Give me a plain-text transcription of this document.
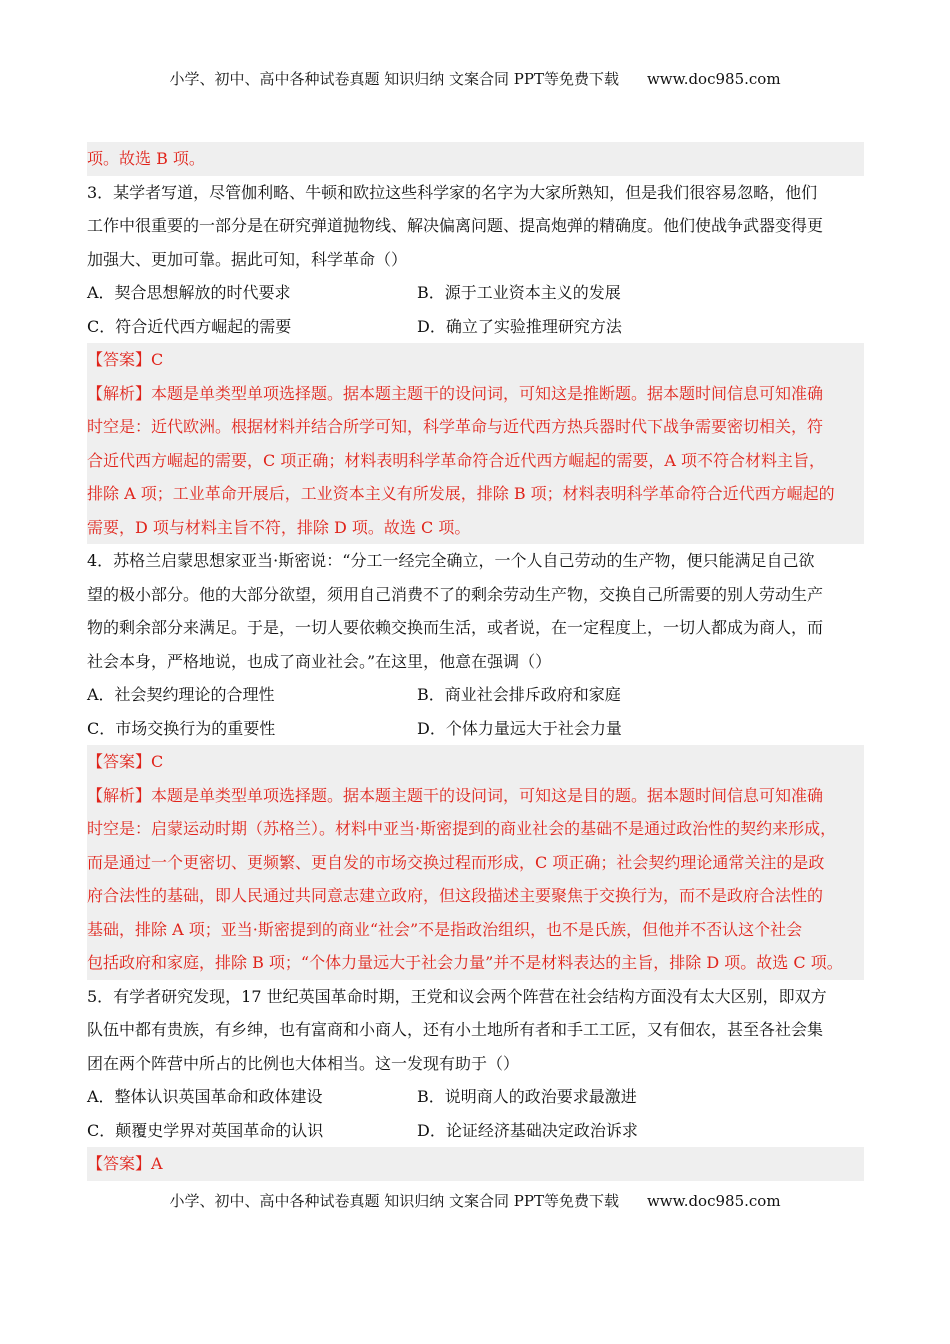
小学、初中、高中各种试卷真题 知识归纳 文案合同 PPT等免费下载 www.doc985.com
项。故选 B 项。
3．某学者写道，尽管伽利略、牛顿和欧拉这些科学家的名字为大家所熟知，但是我们很容易忽略，他们
工作中很重要的一部分是在研究弹道抛物线、解决偏离问题、提高炮弹的精确度。他们使战争武器变得更
加强大、更加可靠。据此可知，科学革命（）
A．契合思想解放的时代要求	B．源于工业资本主义的发展
C．符合近代西方崛起的需要	D．确立了实验推理研究方法
【答案】C
【解析】本题是单类型单项选择题。据本题主题干的设问词，可知这是推断题。据本题时间信息可知准确
时空是：近代欧洲。根据材料并结合所学可知，科学革命与近代西方热兵器时代下战争需要密切相关，符
合近代西方崛起的需要，C 项正确；材料表明科学革命符合近代西方崛起的需要，A 项不符合材料主旨，
排除 A 项；工业革命开展后，工业资本主义有所发展，排除 B 项；材料表明科学革命符合近代西方崛起的
需要，D 项与材料主旨不符，排除 D 项。故选 C 项。
4．苏格兰启蒙思想家亚当·斯密说：“分工一经完全确立，一个人自己劳动的生产物，便只能满足自己欲
望的极小部分。他的大部分欲望，须用自己消费不了的剩余劳动生产物，交换自己所需要的别人劳动生产
物的剩余部分来满足。于是，一切人要依赖交换而生活，或者说，在一定程度上，一切人都成为商人，而
社会本身，严格地说，也成了商业社会。”在这里，他意在强调（）
A．社会契约理论的合理性	B．商业社会排斥政府和家庭
C．市场交换行为的重要性	D．个体力量远大于社会力量
【答案】C
【解析】本题是单类型单项选择题。据本题主题干的设问词，可知这是目的题。据本题时间信息可知准确
时空是：启蒙运动时期（苏格兰）。材料中亚当·斯密提到的商业社会的基础不是通过政治性的契约来形成，
而是通过一个更密切、更频繁、更自发的市场交换过程而形成，C 项正确；社会契约理论通常关注的是政
府合法性的基础，即人民通过共同意志建立政府，但这段描述主要聚焦于交换行为，而不是政府合法性的
基础，排除 A 项；亚当·斯密提到的商业“社会”不是指政治组织，也不是氏族，但他并不否认这个社会
包括政府和家庭，排除 B 项；“个体力量远大于社会力量”并不是材料表达的主旨，排除 D 项。故选 C 项。
5．有学者研究发现，17 世纪英国革命时期，王党和议会两个阵营在社会结构方面没有太大区别，即双方
队伍中都有贵族，有乡绅，也有富商和小商人，还有小土地所有者和手工工匠，又有佃农，甚至各社会集
团在两个阵营中所占的比例也大体相当。这一发现有助于（）
A．整体认识英国革命和政体建设	B．说明商人的政治要求最激进
C．颠覆史学界对英国革命的认识	D．论证经济基础决定政治诉求
【答案】A
小学、初中、高中各种试卷真题 知识归纳 文案合同 PPT等免费下载 www.doc985.com
